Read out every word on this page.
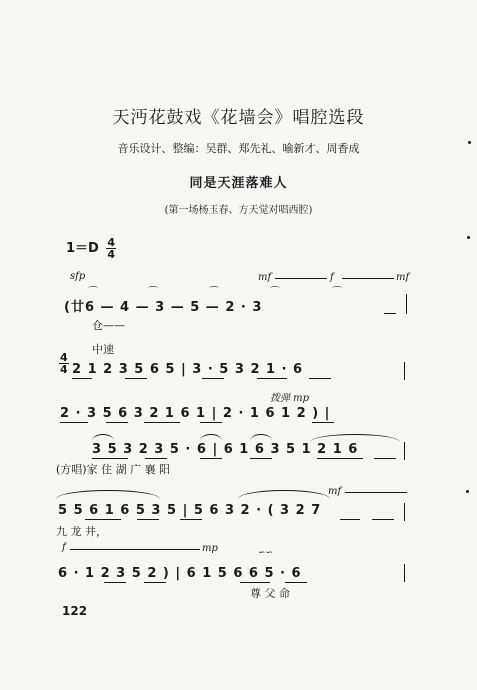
天沔花鼓戏《花墙会》唱腔选段
音乐设计、整编：吴群、郑先礼、喻新才、周香成
同是天涯落难人
(第一场杨玉春、方天觉对唱西腔)
$1=D \frac{4}{4}$
sfp	mf	f	mf
⌒	⌒	⌒	⌒	⌒
(廿6 — 4 — 3 — 5 — 2 · 3
仓——
中速
$\frac{4}{4} 2$ 1 2 3 5 6 5 | 3 · 5 3 2 1 · 6
拨弹 mp
2 · 3 5 6 3 2 1 6 1 | 2 · 1 6 1 2 ) |
3 5 3 2 3 5 · 6 | 6 1 6 3 5 1 2 1 6
(方唱)家 住 湖 广 襄 阳
mf
5 5 6 1 6 5 3 5 | 5 6 3 2 · ( 3 2 7
九 龙 井，
f	mp	∽∽
6 · 1 2 3 5 2 ) | 6 1 5 6 6 5 · 6
尊 父 命
122
